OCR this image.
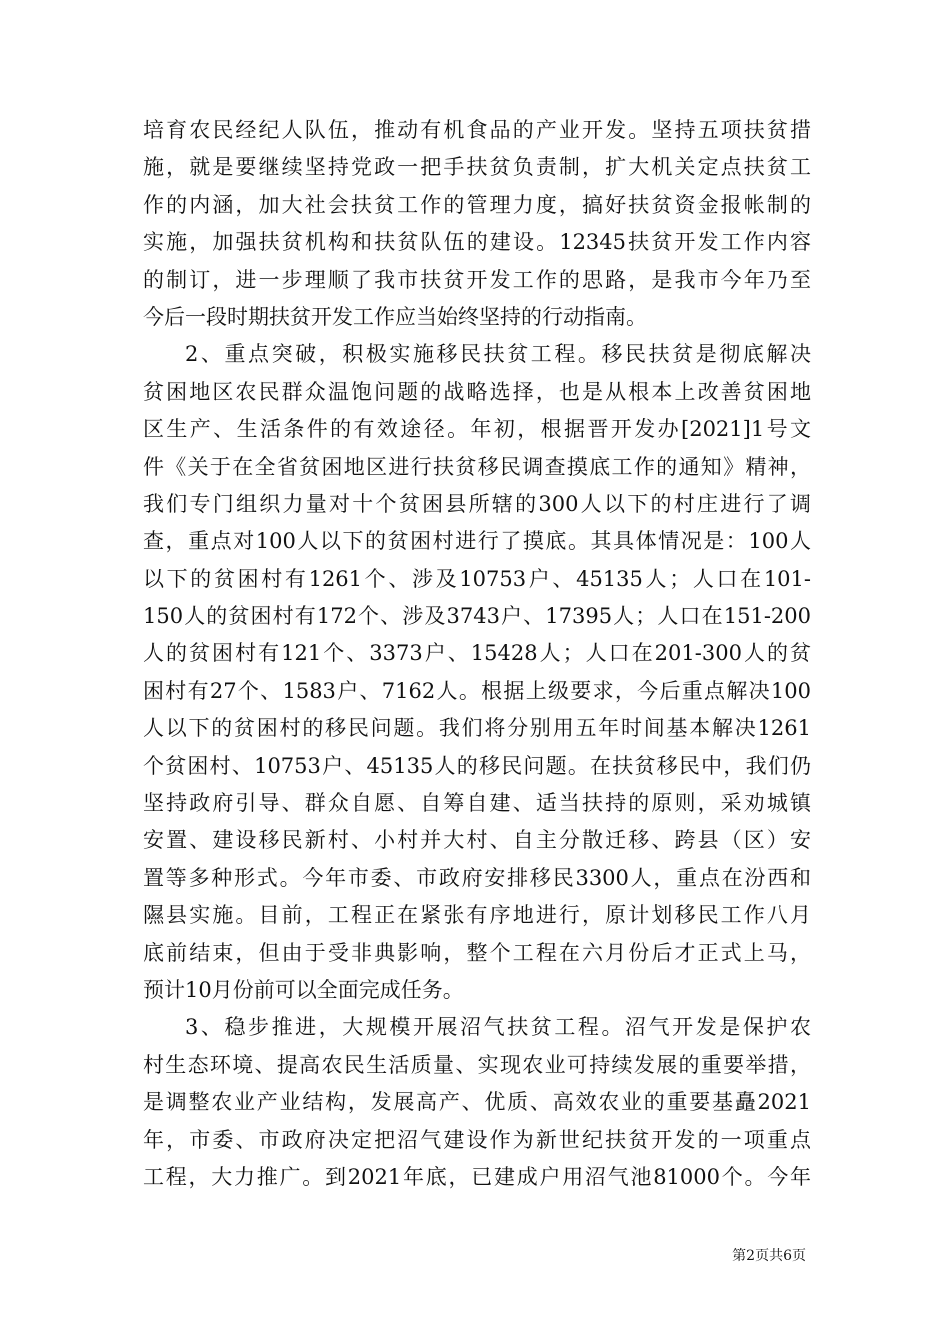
培育农民经纪人队伍，推动有机食品的产业开发。坚持五项扶贫措
施，就是要继续坚持党政一把手扶贫负责制，扩大机关定点扶贫工
作的内涵，加大社会扶贫工作的管理力度，搞好扶贫资金报帐制的
实施，加强扶贫机构和扶贫队伍的建设。12345扶贫开发工作内容
的制订，进一步理顺了我市扶贫开发工作的思路，是我市今年乃至
今后一段时期扶贫开发工作应当始终坚持的行动指南。
2、重点突破，积极实施移民扶贫工程。移民扶贫是彻底解决
贫困地区农民群众温饱问题的战略选择，也是从根本上改善贫困地
区生产、生活条件的有效途径。年初，根据晋开发办[2021]1号文
件《关于在全省贫困地区进行扶贫移民调查摸底工作的通知》精神，
我们专门组织力量对十个贫困县所辖的300人以下的村庄进行了调
查，重点对100人以下的贫困村进行了摸底。其具体情况是：100人
以下的贫困村有1261个、涉及10753户、45135人；人口在101-
150人的贫困村有172个、涉及3743户、17395人；人口在151-200
人的贫困村有121个、3373户、15428人；人口在201-300人的贫
困村有27个、1583户、7162人。根据上级要求，今后重点解决100
人以下的贫困村的移民问题。我们将分别用五年时间基本解决1261
个贫困村、10753户、45135人的移民问题。在扶贫移民中，我们仍
坚持政府引导、群众自愿、自筹自建、适当扶持的原则，采劝城镇
安置、建设移民新村、小村并大村、自主分散迁移、跨县（区）安
置等多种形式。今年市委、市政府安排移民3300人，重点在汾西和
隰县实施。目前，工程正在紧张有序地进行，原计划移民工作八月
底前结束，但由于受非典影响，整个工程在六月份后才正式上马，
预计10月份前可以全面完成任务。
3、稳步推进，大规模开展沼气扶贫工程。沼气开发是保护农
村生态环境、提高农民生活质量、实现农业可持续发展的重要举措，
是调整农业产业结构，发展高产、优质、高效农业的重要基矗2021
年，市委、市政府决定把沼气建设作为新世纪扶贫开发的一项重点
工程，大力推广。到2021年底，已建成户用沼气池81000个。今年
第2页共6页
